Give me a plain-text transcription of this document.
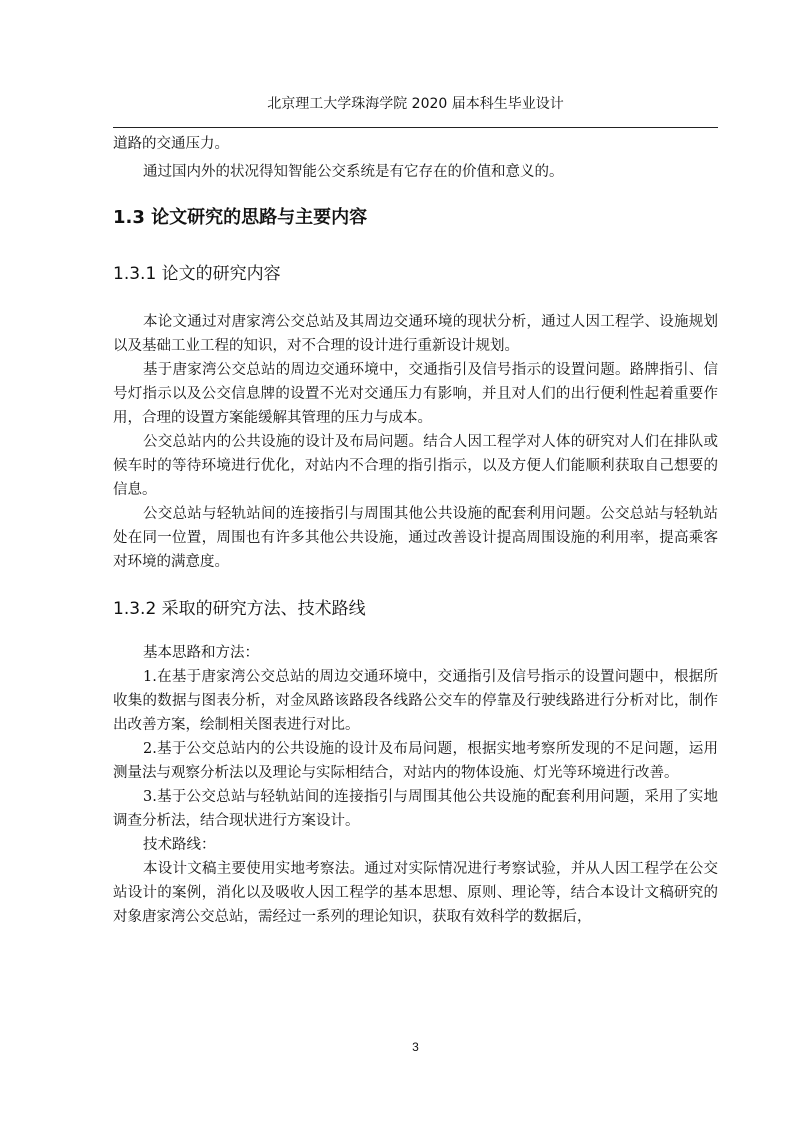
北京理工大学珠海学院 2020 届本科生毕业设计

道路的交通压力。

通过国内外的状况得知智能公交系统是有它存在的价值和意义的。

1.3 论文研究的思路与主要内容
1.3.1 论文的研究内容

本论文通过对唐家湾公交总站及其周边交通环境的现状分析，通过人因工程学、设施规划以及基础工业工程的知识，对不合理的设计进行重新设计规划。

基于唐家湾公交总站的周边交通环境中，交通指引及信号指示的设置问题。路牌指引、信号灯指示以及公交信息牌的设置不光对交通压力有影响，并且对人们的出行便利性起着重要作用，合理的设置方案能缓解其管理的压力与成本。

公交总站内的公共设施的设计及布局问题。结合人因工程学对人体的研究对人们在排队或候车时的等待环境进行优化，对站内不合理的指引指示，以及方便人们能顺利获取自己想要的信息。

公交总站与轻轨站间的连接指引与周围其他公共设施的配套利用问题。公交总站与轻轨站处在同一位置，周围也有许多其他公共设施，通过改善设计提高周围设施的利用率，提高乘客对环境的满意度。

1.3.2 采取的研究方法、技术路线

基本思路和方法：

1.在基于唐家湾公交总站的周边交通环境中，交通指引及信号指示的设置问题中，根据所收集的数据与图表分析，对金凤路该路段各线路公交车的停靠及行驶线路进行分析对比，制作出改善方案，绘制相关图表进行对比。

2.基于公交总站内的公共设施的设计及布局问题，根据实地考察所发现的不足问题，运用测量法与观察分析法以及理论与实际相结合，对站内的物体设施、灯光等环境进行改善。

3.基于公交总站与轻轨站间的连接指引与周围其他公共设施的配套利用问题，采用了实地调查分析法，结合现状进行方案设计。

技术路线：

本设计文稿主要使用实地考察法。通过对实际情况进行考察试验，并从人因工程学在公交站设计的案例，消化以及吸收人因工程学的基本思想、原则、理论等，结合本设计文稿研究的对象唐家湾公交总站，需经过一系列的理论知识，获取有效科学的数据后，

3
